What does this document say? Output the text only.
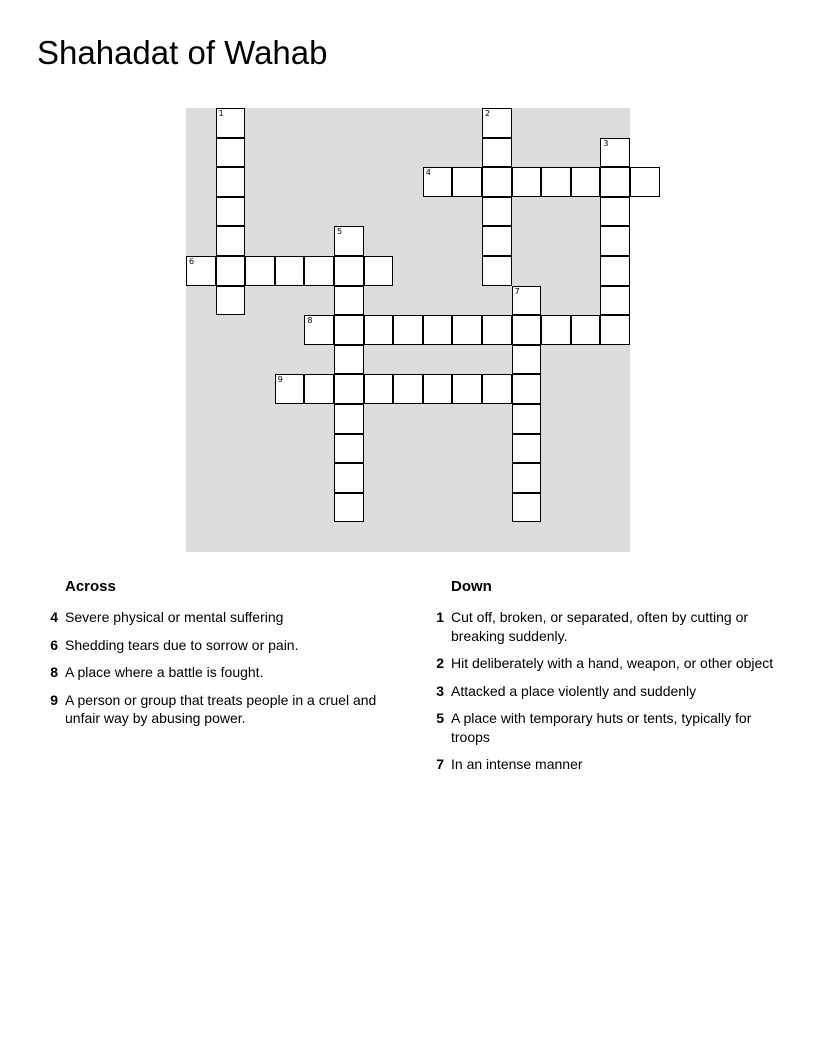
Shahadat of Wahab
1	2
3
4
5
6
7
8
9
Across
4 Severe physical or mental suffering
6 Shedding tears due to sorrow or pain.
8 A place where a battle is fought.
9 A person or group that treats people in a cruel and unfair way by abusing power.
Down
1 Cut off, broken, or separated, often by cutting or breaking suddenly.
2 Hit deliberately with a hand, weapon, or other object
3 Attacked a place violently and suddenly
5 A place with temporary huts or tents, typically for troops
7 In an intense manner
